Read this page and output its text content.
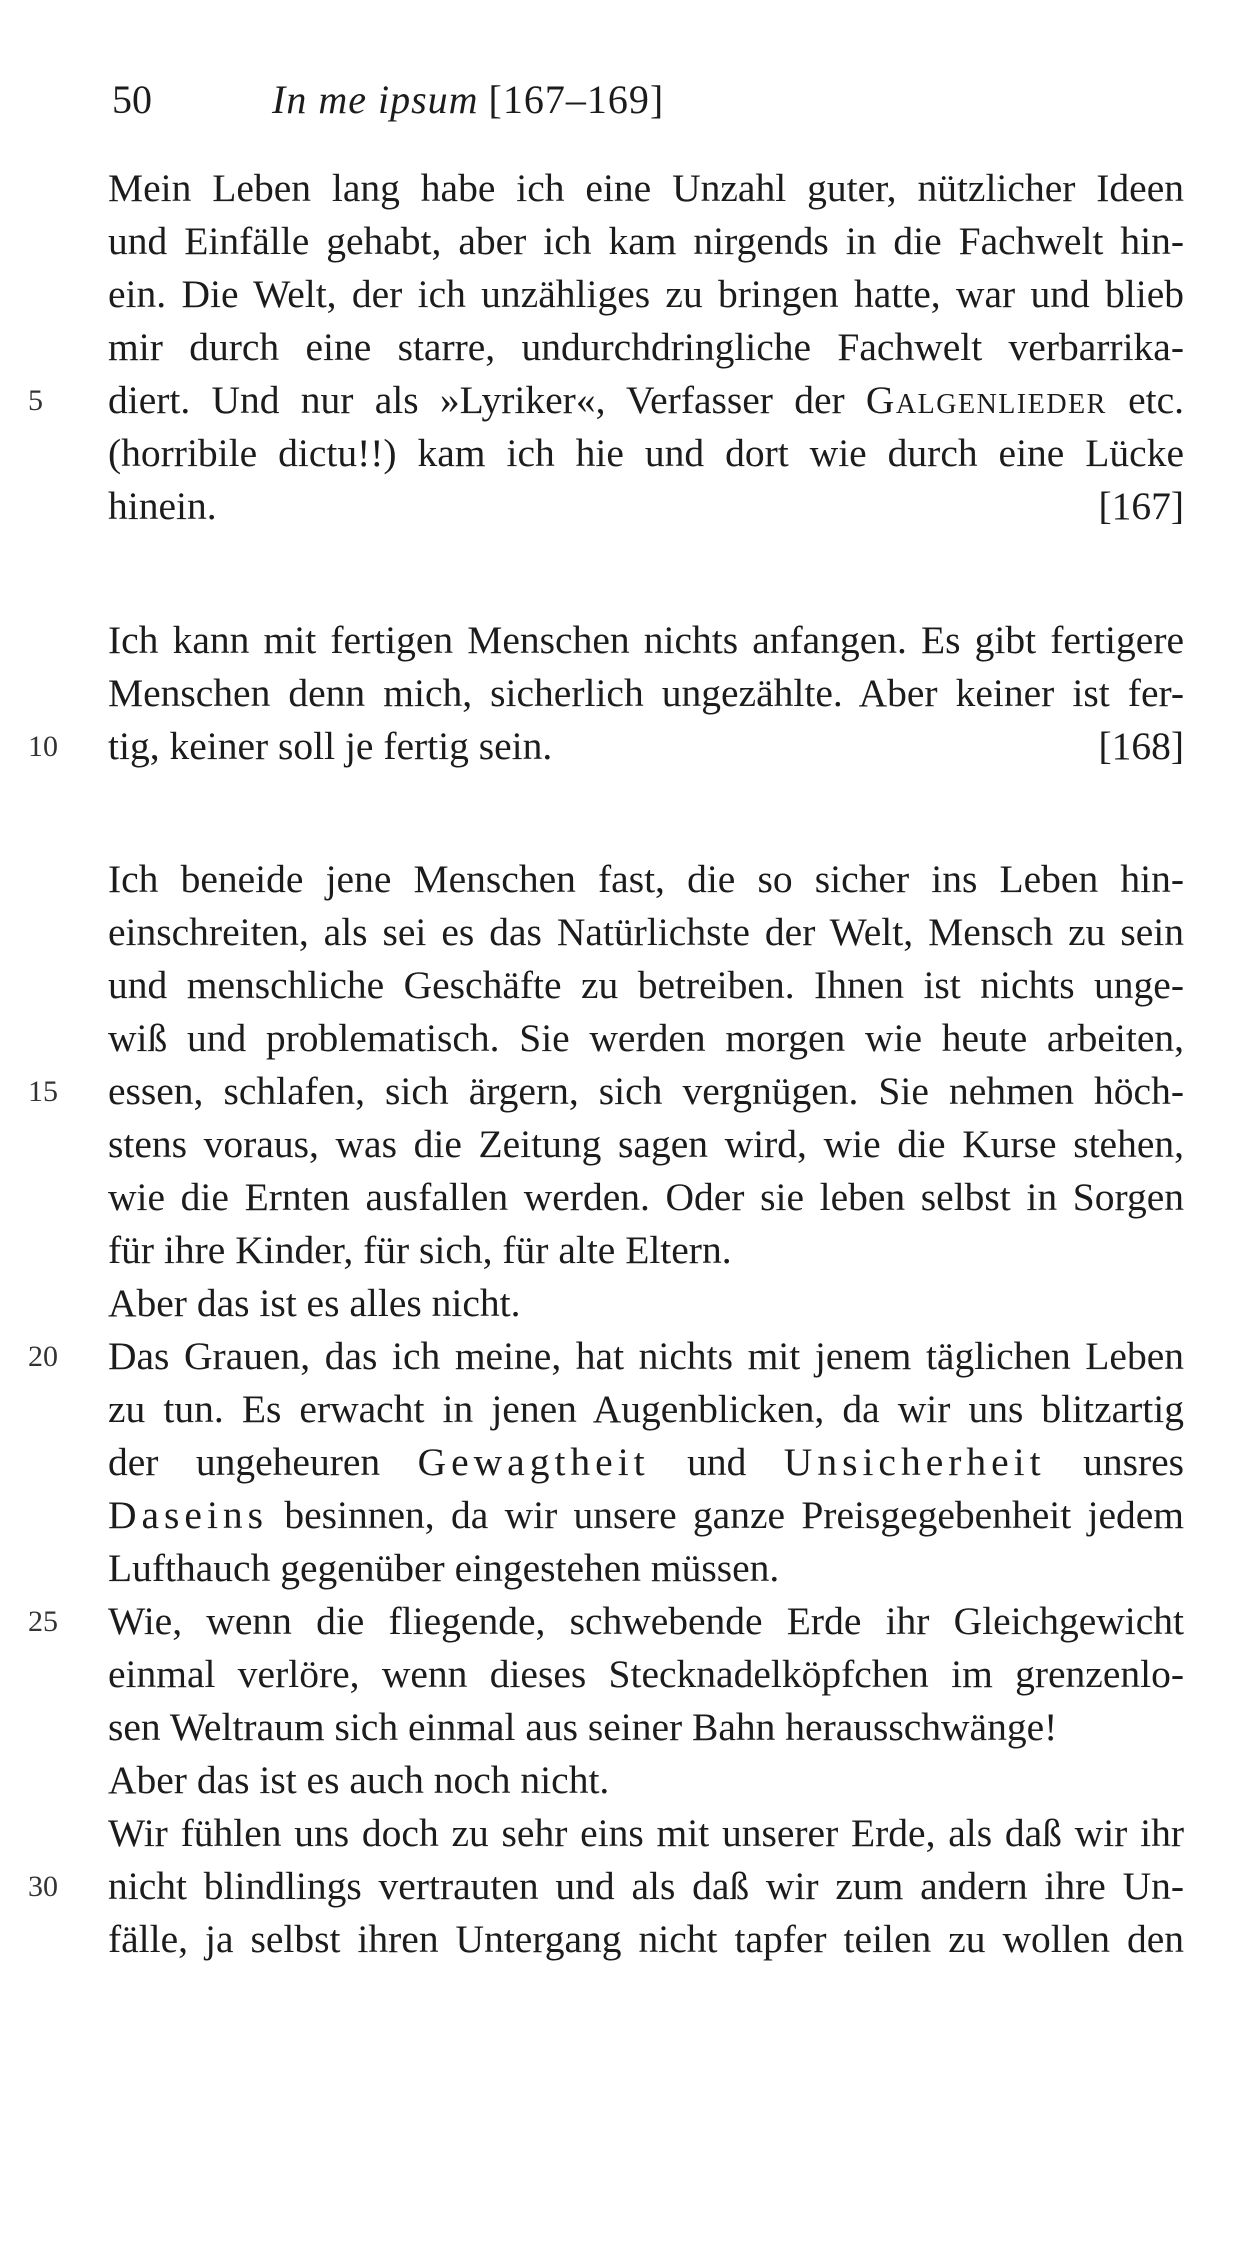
50	In me ipsum [167–169]
Mein Leben lang habe ich eine Unzahl guter, nützlicher Ideen
und Einfälle gehabt, aber ich kam nirgends in die Fachwelt hin-
ein. Die Welt, der ich unzähliges zu bringen hatte, war und blieb
mir durch eine starre, undurchdringliche Fachwelt verbarrika-
5	diert. Und nur als »Lyriker«, Verfasser der Galgenlieder etc.
(horribile dictu!!) kam ich hie und dort wie durch eine Lücke
hinein.	[167]
Ich kann mit fertigen Menschen nichts anfangen. Es gibt fertigere
Menschen denn mich, sicherlich ungezählte. Aber keiner ist fer-
10	tig, keiner soll je fertig sein.	[168]
Ich beneide jene Menschen fast, die so sicher ins Leben hin-
einschreiten, als sei es das Natürlichste der Welt, Mensch zu sein
und menschliche Geschäfte zu betreiben. Ihnen ist nichts unge-
wiß und problematisch. Sie werden morgen wie heute arbeiten,
15	essen, schlafen, sich ärgern, sich vergnügen. Sie nehmen höch-
stens voraus, was die Zeitung sagen wird, wie die Kurse stehen,
wie die Ernten ausfallen werden. Oder sie leben selbst in Sorgen
für ihre Kinder, für sich, für alte Eltern.
Aber das ist es alles nicht.
20	Das Grauen, das ich meine, hat nichts mit jenem täglichen Leben
zu tun. Es erwacht in jenen Augenblicken, da wir uns blitzartig
der ungeheuren Gewagtheit und Unsicherheit unsres
Daseins besinnen, da wir unsere ganze Preisgegebenheit jedem
Lufthauch gegenüber eingestehen müssen.
25	Wie, wenn die fliegende, schwebende Erde ihr Gleichgewicht
einmal verlöre, wenn dieses Stecknadelköpfchen im grenzenlo-
sen Weltraum sich einmal aus seiner Bahn herausschwänge!
Aber das ist es auch noch nicht.
Wir fühlen uns doch zu sehr eins mit unserer Erde, als daß wir ihr
30	nicht blindlings vertrauten und als daß wir zum andern ihre Un-
fälle, ja selbst ihren Untergang nicht tapfer teilen zu wollen den
